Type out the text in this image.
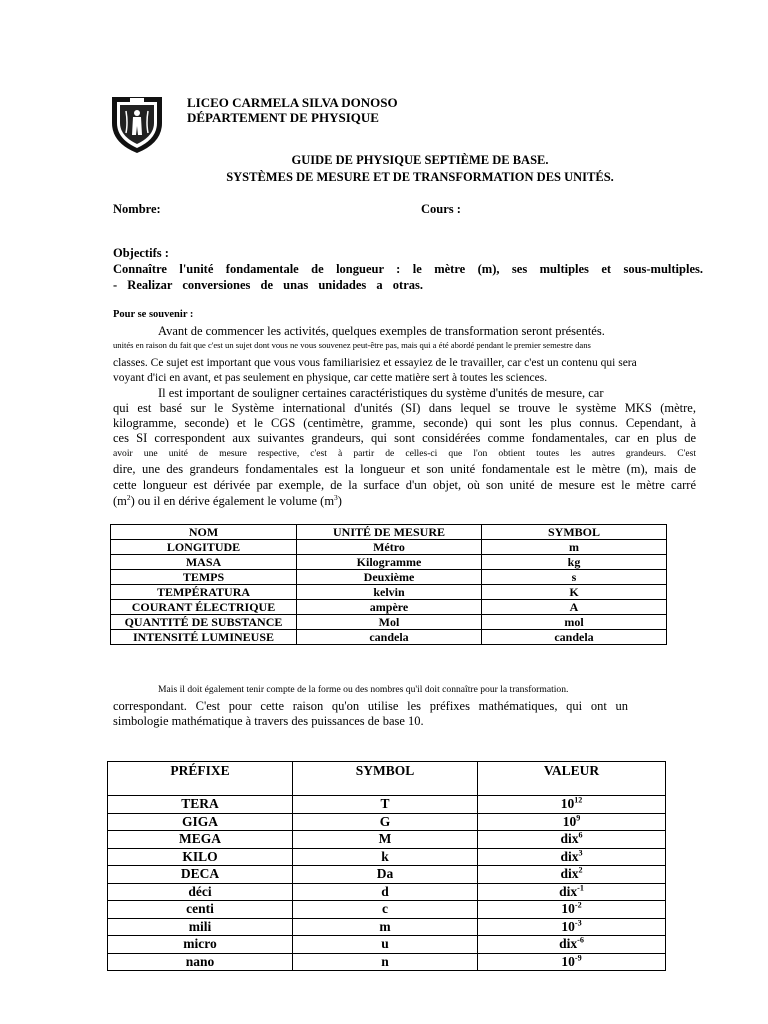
LICEO CARMELA SILVA DONOSO
DÉPARTEMENT DE PHYSIQUE
GUIDE DE PHYSIQUE SEPTIÈME DE BASE.
SYSTÈMES DE MESURE ET DE TRANSFORMATION DES UNITÉS.
Nombre:	Cours :
Objectifs :
Connaître l'unité fondamentale de longueur : le mètre (m), ses multiples et sous-multiples.
- Realizar conversiones de unas unidades a otras.
Pour se souvenir :
Avant de commencer les activités, quelques exemples de transformation seront présentés.
unités en raison du fait que c'est un sujet dont vous ne vous souvenez peut-être pas, mais qui a été abordé pendant le premier semestre dans
classes. Ce sujet est important que vous vous familiarisiez et essayiez de le travailler, car c'est un contenu qui sera
voyant d'ici en avant, et pas seulement en physique, car cette matière sert à toutes les sciences.
Il est important de souligner certaines caractéristiques du système d'unités de mesure, car
qui est basé sur le Système international d'unités (SI) dans lequel se trouve le système MKS (mètre,
kilogramme, seconde) et le CGS (centimètre, gramme, seconde) qui sont les plus connus. Cependant, à
ces SI correspondent aux suivantes grandeurs, qui sont considérées comme fondamentales, car en plus de
avoir une unité de mesure respective, c'est à partir de celles-ci que l'on obtient toutes les autres grandeurs. C'est
dire, une des grandeurs fondamentales est la longueur et son unité fondamentale est le mètre (m), mais de
cette longueur est dérivée par exemple, de la surface d'un objet, où son unité de mesure est le mètre carré
$(m^2)$ ou il en dérive également le volume $(m^3)$
NOM	UNITÉ DE MESURE	SYMBOL
LONGITUDE	Métro	m
MASA	Kilogramme	kg
TEMPS	Deuxième	s
TEMPÉRATURA	kelvin	K
COURANT ÉLECTRIQUE	ampère	A
QUANTITÉ DE SUBSTANCE	Mol	mol
INTENSITÉ LUMINEUSE	candela	candela
Mais il doit également tenir compte de la forme ou des nombres qu'il doit connaître pour la transformation.
correspondant. C'est pour cette raison qu'on utilise les préfixes mathématiques, qui ont un
simbologie mathématique à travers des puissances de base 10.
PRÉFIXE	SYMBOL	VALEUR
TERA	T	$10^{12}$
GIGA	G	$10^9$
MEGA	M	dix$^6$
KILO	k	dix$^3$
DECA	Da	dix$^2$
déci	d	dix$^{-1}$
centi	c	$10^{-2}$
mili	m	$10^{-3}$
micro	u	dix$^{-6}$
nano	n	$10^{-9}$
